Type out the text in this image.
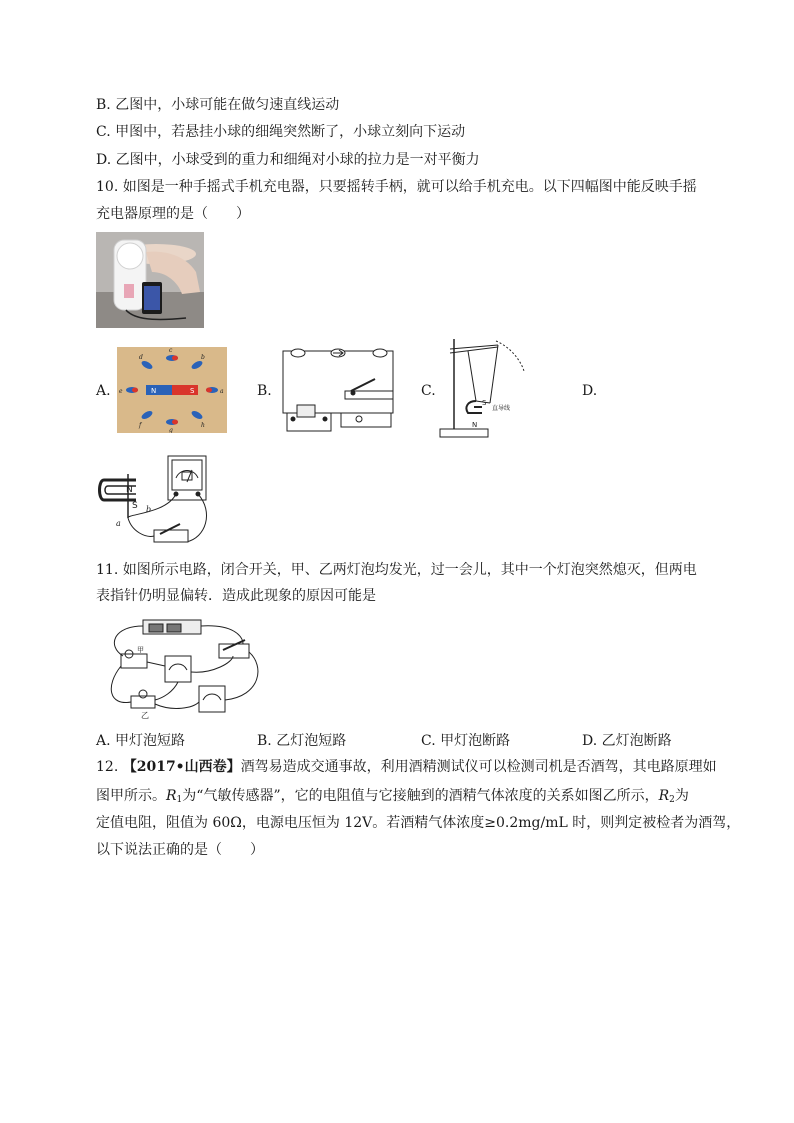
B. 乙图中，小球可能在做匀速直线运动
C. 甲图中，若悬挂小球的细绳突然断了，小球立刻向下运动
D. 乙图中，小球受到的重力和细绳对小球的拉力是一对平衡力
10. 如图是一种手摇式手机充电器，只要摇转手柄，就可以给手机充电。以下四幅图中能反映手摇
充电器原理的是（　　）
A.	B.	C.	D.
N	S
c
d	b
e	a
f	h
g
S
直导线
N
N
S
a
b
11. 如图所示电路，闭合开关，甲、乙两灯泡均发光，过一会儿，其中一个灯泡突然熄灭，但两电
表指针仍明显偏转．造成此现象的原因可能是
甲
乙
A. 甲灯泡短路	B. 乙灯泡短路	C. 甲灯泡断路	D. 乙灯泡断路
12. 【2017•山西卷】酒驾易造成交通事故，利用酒精测试仪可以检测司机是否酒驾，其电路原理如
图甲所示。$R_1$为“气敏传感器”，它的电阻值与它接触到的酒精气体浓度的关系如图乙所示，$R_2$为
定值电阻，阻值为 60Ω，电源电压恒为 12V。若酒精气体浓度≥0.2mg/mL 时，则判定被检者为酒驾，
以下说法正确的是（　　）
